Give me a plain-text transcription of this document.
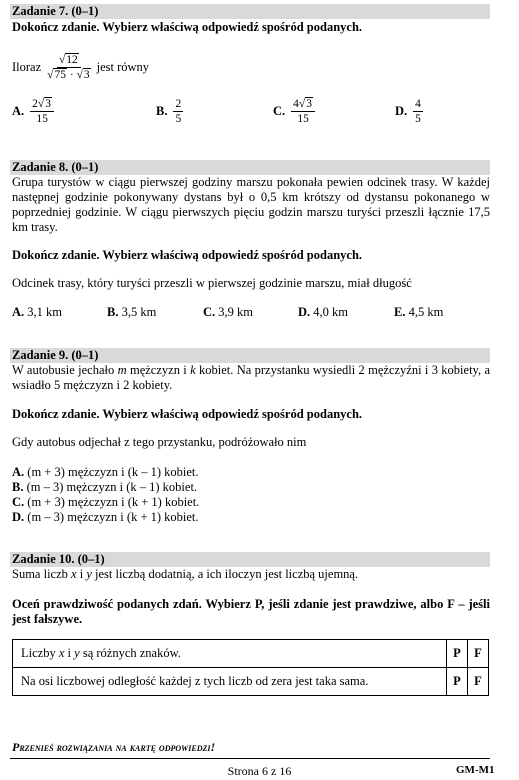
Zadanie 7. (0–1)
Dokończ zdanie. Wybierz właściwą odpowiedź spośród podanych.
Iloraz $\frac{√12}{√75 \cdot √3}$ jest równy
A. $\frac{2√3}{15}$	B. $\frac{2}{5}$	C. $\frac{4√3}{15}$	D. $\frac{4}{5}$
Zadanie 8. (0–1)
Grupa turystów w ciągu pierwszej godziny marszu pokonała pewien odcinek trasy. W każdej następnej godzinie pokonywany dystans był o 0,5 km krótszy od dystansu pokonanego w poprzedniej godzinie. W ciągu pierwszych pięciu godzin marszu turyści przeszli łącznie 17,5 km trasy.
Dokończ zdanie. Wybierz właściwą odpowiedź spośród podanych.
Odcinek trasy, który turyści przeszli w pierwszej godzinie marszu, miał długość
A. 3,1 km	B. 3,5 km	C. 3,9 km	D. 4,0 km	E. 4,5 km
Zadanie 9. (0–1)
W autobusie jechało m mężczyzn i k kobiet. Na przystanku wysiedli 2 mężczyźni i 3 kobiety, a wsiadło 5 mężczyzn i 2 kobiety.
Dokończ zdanie. Wybierz właściwą odpowiedź spośród podanych.
Gdy autobus odjechał z tego przystanku, podróżowało nim
A. (m + 3) mężczyzn i (k – 1) kobiet.
B. (m – 3) mężczyzn i (k – 1) kobiet.
C. (m + 3) mężczyzn i (k + 1) kobiet.
D. (m – 3) mężczyzn i (k + 1) kobiet.
Zadanie 10. (0–1)
Suma liczb x i y jest liczbą dodatnią, a ich iloczyn jest liczbą ujemną.
Oceń prawdziwość podanych zdań. Wybierz P, jeśli zdanie jest prawdziwe, albo F – jeśli jest fałszywe.
Liczby x i y są różnych znaków.	P	F
Na osi liczbowej odległość każdej z tych liczb od zera jest taka sama.	P	F
Przenieś rozwiązania na kartę odpowiedzi!
Strona 6 z 16	GM-M1
